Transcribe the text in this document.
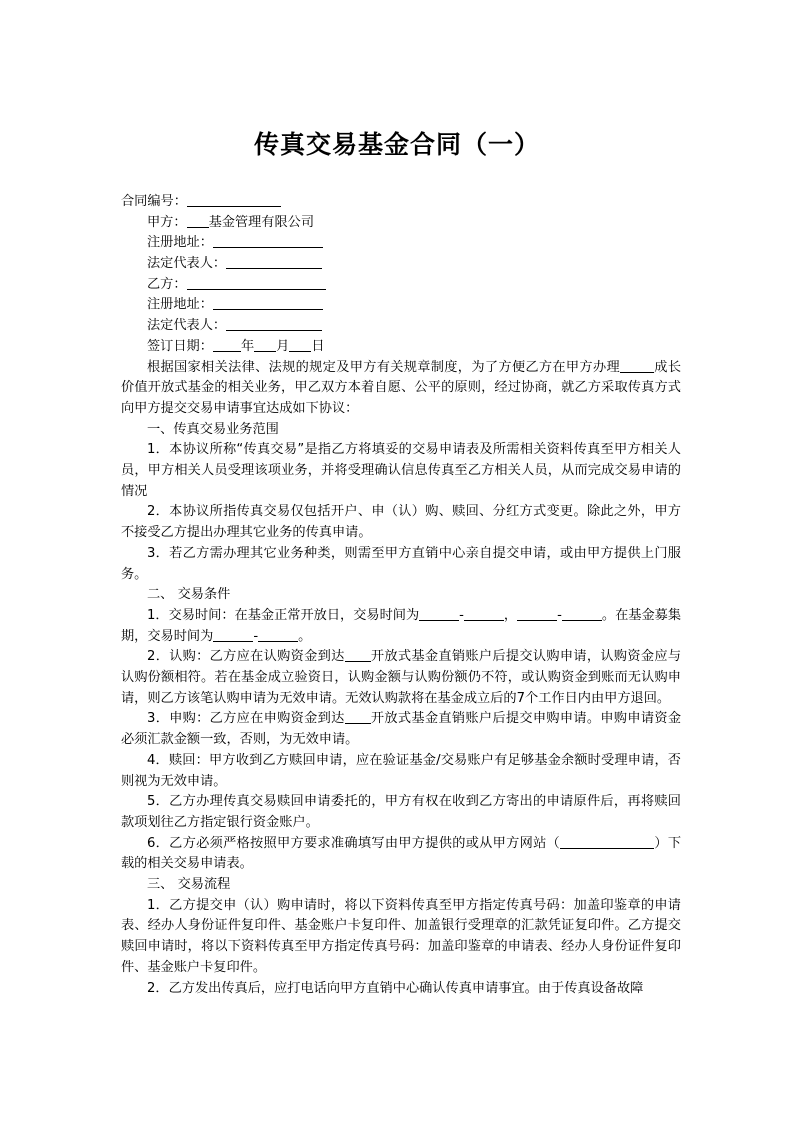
传真交易基金合同（一）
合同编号：
甲方： 基金管理有限公司
注册地址：
法定代表人：
乙方：
注册地址：
法定代表人：
签订日期： 年 月 日
根据国家相关法律、法规的规定及甲方有关规章制度，为了方便乙方在甲方办理	成长价值开放式基金的相关业务，甲乙双方本着自愿、公平的原则，经过协商，就乙方采取传真方式向甲方提交交易申请事宜达成如下协议：
一、传真交易业务范围
1．本协议所称“传真交易”是指乙方将填妥的交易申请表及所需相关资料传真至甲方相关人员，甲方相关人员受理该项业务，并将受理确认信息传真至乙方相关人员，从而完成交易申请的情况
2．本协议所指传真交易仅包括开户、申（认）购、赎回、分红方式变更。除此之外，甲方不接受乙方提出办理其它业务的传真申请。
3．若乙方需办理其它业务种类，则需至甲方直销中心亲自提交申请，或由甲方提供上门服务。
二、 交易条件
1．交易时间：在基金正常开放日，交易时间为	-	，	-	。在基金募集期，交易时间为	-	。
2．认购：乙方应在认购资金到达 开放式基金直销账户后提交认购申请，认购资金应与认购份额相符。若在基金成立验资日，认购金额与认购份额仍不符，或认购资金到账而无认购申请，则乙方该笔认购申请为无效申请。无效认购款将在基金成立后的7个工作日内由甲方退回。
3．申购：乙方应在申购资金到达 开放式基金直销账户后提交申购申请。申购申请资金必须汇款金额一致，否则，为无效申请。
4．赎回：甲方收到乙方赎回申请，应在验证基金/交易账户有足够基金余额时受理申请，否则视为无效申请。
5．乙方办理传真交易赎回申请委托的，甲方有权在收到乙方寄出的申请原件后，再将赎回款项划往乙方指定银行资金账户。
6．乙方必须严格按照甲方要求准确填写由甲方提供的或从甲方网站（	）下载的相关交易申请表。
三、 交易流程
1．乙方提交申（认）购申请时，将以下资料传真至甲方指定传真号码：加盖印鉴章的申请表、经办人身份证件复印件、基金账户卡复印件、加盖银行受理章的汇款凭证复印件。乙方提交赎回申请时，将以下资料传真至甲方指定传真号码：加盖印鉴章的申请表、经办人身份证件复印件、基金账户卡复印件。
2．乙方发出传真后，应打电话向甲方直销中心确认传真申请事宜。由于传真设备故障
